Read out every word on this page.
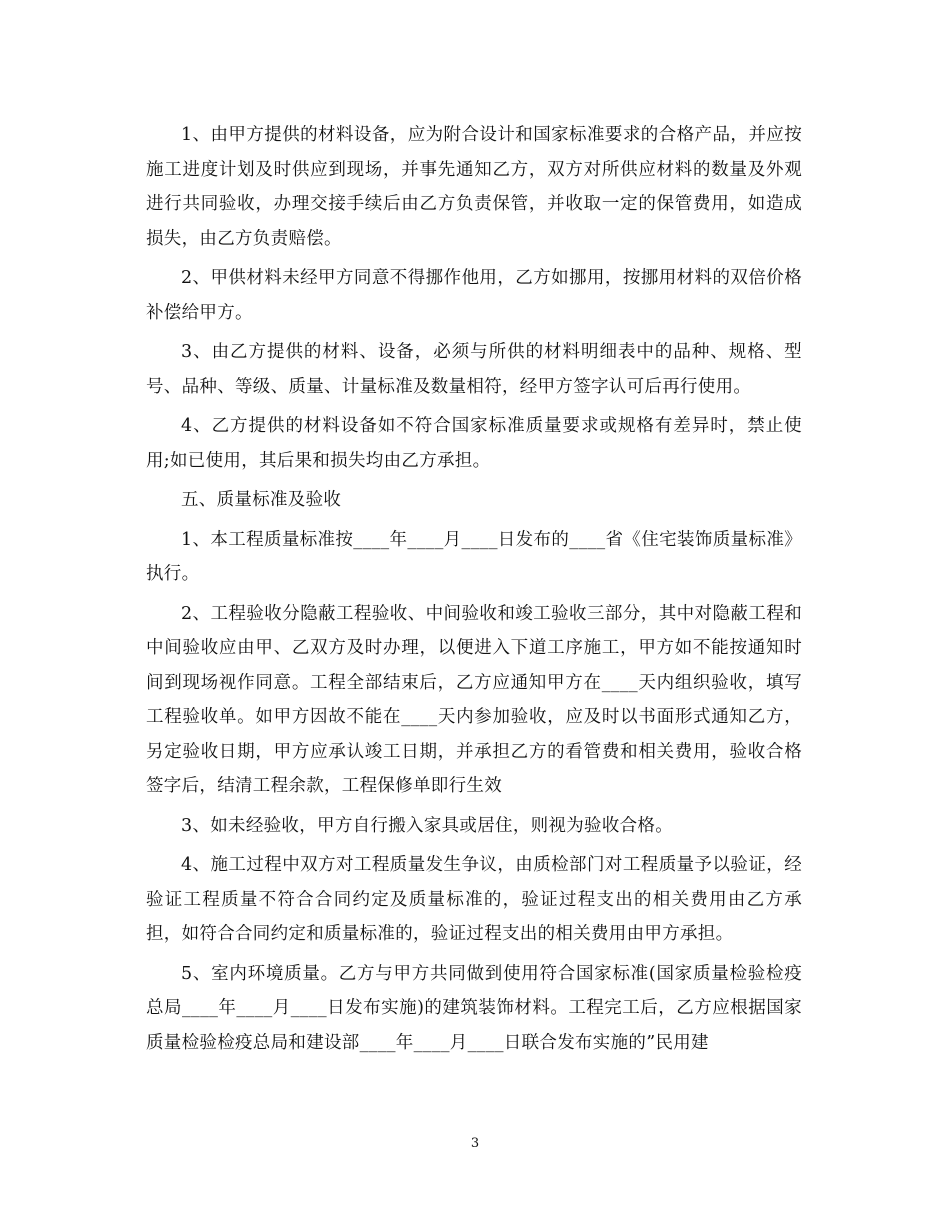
1、由甲方提供的材料设备，应为附合设计和国家标准要求的合格产品，并应按施工进度计划及时供应到现场，并事先通知乙方，双方对所供应材料的数量及外观进行共同验收，办理交接手续后由乙方负责保管，并收取一定的保管费用，如造成损失，由乙方负责赔偿。

2、甲供材料未经甲方同意不得挪作他用，乙方如挪用，按挪用材料的双倍价格补偿给甲方。

3、由乙方提供的材料、设备，必须与所供的材料明细表中的品种、规格、型号、品种、等级、质量、计量标准及数量相符，经甲方签字认可后再行使用。

4、乙方提供的材料设备如不符合国家标准质量要求或规格有差异时，禁止使用;如已使用，其后果和损失均由乙方承担。

五、质量标准及验收

1、本工程质量标准按____年____月____日发布的____省《住宅装饰质量标准》执行。

2、工程验收分隐蔽工程验收、中间验收和竣工验收三部分，其中对隐蔽工程和中间验收应由甲、乙双方及时办理，以便进入下道工序施工，甲方如不能按通知时间到现场视作同意。工程全部结束后，乙方应通知甲方在____天内组织验收，填写工程验收单。如甲方因故不能在____天内参加验收，应及时以书面形式通知乙方，另定验收日期，甲方应承认竣工日期，并承担乙方的看管费和相关费用，验收合格签字后，结清工程余款，工程保修单即行生效

3、如未经验收，甲方自行搬入家具或居住，则视为验收合格。

4、施工过程中双方对工程质量发生争议，由质检部门对工程质量予以验证，经验证工程质量不符合合同约定及质量标准的，验证过程支出的相关费用由乙方承担，如符合合同约定和质量标准的，验证过程支出的相关费用由甲方承担。

5、室内环境质量。乙方与甲方共同做到使用符合国家标准(国家质量检验检疫总局____年____月____日发布实施)的建筑装饰材料。工程完工后，乙方应根据国家质量检验检疫总局和建设部____年____月____日联合发布实施的”民用建

3
